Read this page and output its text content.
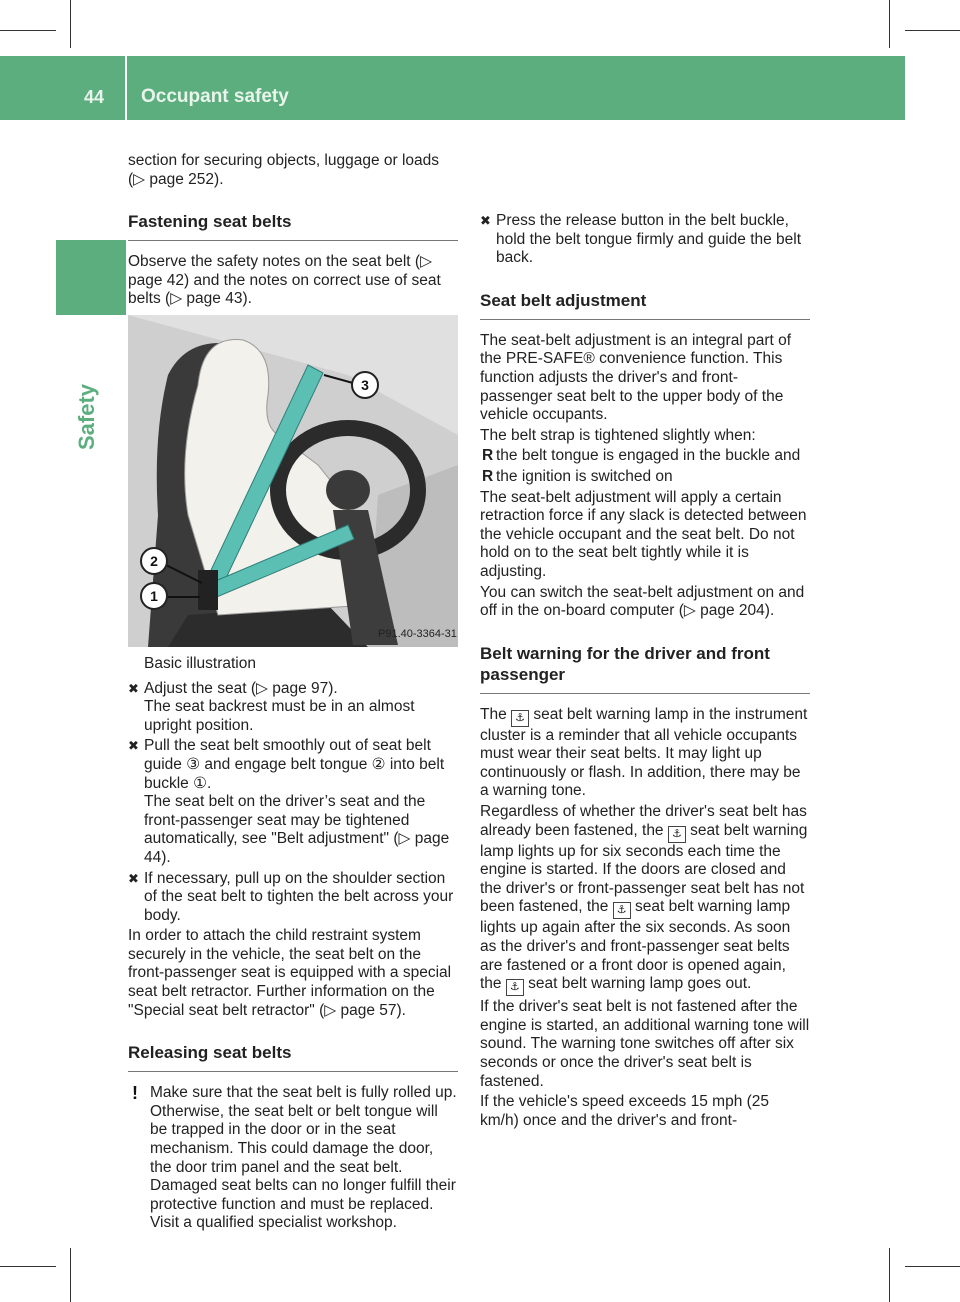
44 Occupant safety
Safety

section for securing objects, luggage or loads (▷ page 252).

Fastening seat belts

Observe the safety notes on the seat belt (▷ page 42) and the notes on correct use of seat belts (▷ page 43).

3
2
1
P91.40-3364-31

Basic illustration

✖ Adjust the seat (▷ page 97).
The seat backrest must be in an almost upright position.
✖ Pull the seat belt smoothly out of seat belt guide ③ and engage belt tongue ② into belt buckle ①.
The seat belt on the driver’s seat and the front-passenger seat may be tightened automatically, see "Belt adjustment" (▷ page 44).
✖ If necessary, pull up on the shoulder section of the seat belt to tighten the belt across your body.

In order to attach the child restraint system securely in the vehicle, the seat belt on the front-passenger seat is equipped with a special seat belt retractor. Further information on the "Special seat belt retractor" (▷ page 57).

Releasing seat belts
! Make sure that the seat belt is fully rolled up. Otherwise, the seat belt or belt tongue will be trapped in the door or in the seat mechanism. This could damage the door, the door trim panel and the seat belt. Damaged seat belts can no longer fulfill their protective function and must be replaced. Visit a qualified specialist workshop.
✖ Press the release button in the belt buckle, hold the belt tongue firmly and guide the belt back.
Seat belt adjustment

The seat-belt adjustment is an integral part of the PRE-SAFE® convenience function. This function adjusts the driver's and front-passenger seat belt to the upper body of the vehicle occupants.

The belt strap is tightened slightly when:

R the belt tongue is engaged in the buckle and
R the ignition is switched on

The seat-belt adjustment will apply a certain retraction force if any slack is detected between the vehicle occupant and the seat belt. Do not hold on to the seat belt tightly while it is adjusting.

You can switch the seat-belt adjustment on and off in the on-board computer (▷ page 204).

Belt warning for the driver and front passenger

The ⚓ seat belt warning lamp in the instrument cluster is a reminder that all vehicle occupants must wear their seat belts. It may light up continuously or flash. In addition, there may be a warning tone.

Regardless of whether the driver's seat belt has already been fastened, the ⚓ seat belt warning lamp lights up for six seconds each time the engine is started. If the doors are closed and the driver's or front-passenger seat belt has not been fastened, the ⚓ seat belt warning lamp lights up again after the six seconds. As soon as the driver's and front-passenger seat belts are fastened or a front door is opened again, the ⚓ seat belt warning lamp goes out.

If the driver's seat belt is not fastened after the engine is started, an additional warning tone will sound. The warning tone switches off after six seconds or once the driver's seat belt is fastened.

If the vehicle's speed exceeds 15 mph (25 km/h) once and the driver's and front-
